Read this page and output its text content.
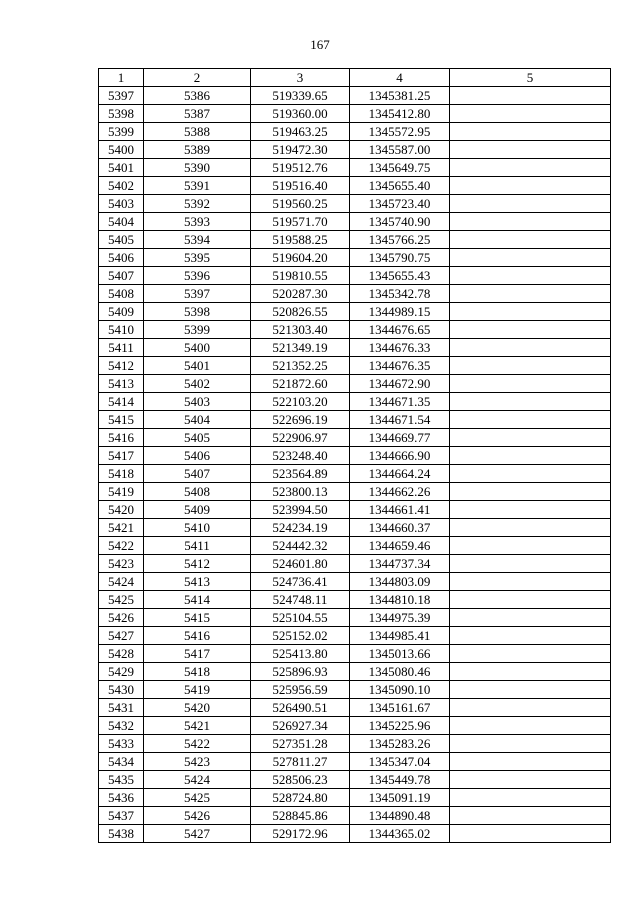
167
1	2	3	4	5
5397	5386	519339.65	1345381.25	
5398	5387	519360.00	1345412.80	
5399	5388	519463.25	1345572.95	
5400	5389	519472.30	1345587.00	
5401	5390	519512.76	1345649.75	
5402	5391	519516.40	1345655.40	
5403	5392	519560.25	1345723.40	
5404	5393	519571.70	1345740.90	
5405	5394	519588.25	1345766.25	
5406	5395	519604.20	1345790.75	
5407	5396	519810.55	1345655.43	
5408	5397	520287.30	1345342.78	
5409	5398	520826.55	1344989.15	
5410	5399	521303.40	1344676.65	
5411	5400	521349.19	1344676.33	
5412	5401	521352.25	1344676.35	
5413	5402	521872.60	1344672.90	
5414	5403	522103.20	1344671.35	
5415	5404	522696.19	1344671.54	
5416	5405	522906.97	1344669.77	
5417	5406	523248.40	1344666.90	
5418	5407	523564.89	1344664.24	
5419	5408	523800.13	1344662.26	
5420	5409	523994.50	1344661.41	
5421	5410	524234.19	1344660.37	
5422	5411	524442.32	1344659.46	
5423	5412	524601.80	1344737.34	
5424	5413	524736.41	1344803.09	
5425	5414	524748.11	1344810.18	
5426	5415	525104.55	1344975.39	
5427	5416	525152.02	1344985.41	
5428	5417	525413.80	1345013.66	
5429	5418	525896.93	1345080.46	
5430	5419	525956.59	1345090.10	
5431	5420	526490.51	1345161.67	
5432	5421	526927.34	1345225.96	
5433	5422	527351.28	1345283.26	
5434	5423	527811.27	1345347.04	
5435	5424	528506.23	1345449.78	
5436	5425	528724.80	1345091.19	
5437	5426	528845.86	1344890.48	
5438	5427	529172.96	1344365.02	
